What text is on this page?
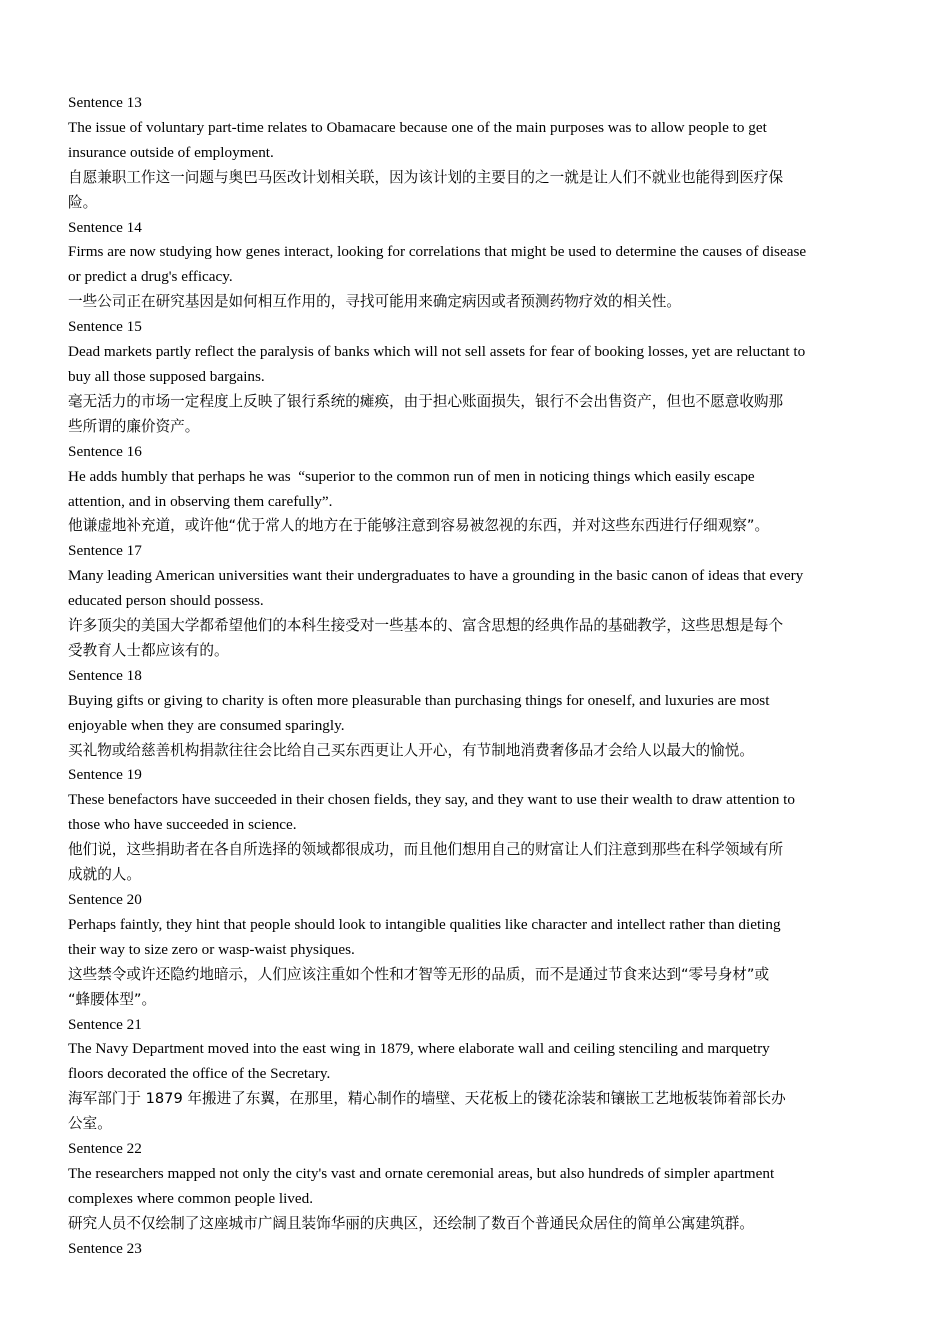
Sentence 13
The issue of voluntary part-time relates to Obamacare because one of the main purposes was to allow people to get
insurance outside of employment.
自愿兼职工作这一问题与奥巴马医改计划相关联，因为该计划的主要目的之一就是让人们不就业也能得到医疗保
险。
Sentence 14
Firms are now studying how genes interact, looking for correlations that might be used to determine the causes of disease
or predict a drug's efficacy.
一些公司正在研究基因是如何相互作用的，寻找可能用来确定病因或者预测药物疗效的相关性。
Sentence 15
Dead markets partly reflect the paralysis of banks which will not sell assets for fear of booking losses, yet are reluctant to
buy all those supposed bargains.
毫无活力的市场一定程度上反映了银行系统的瘫痪，由于担心账面损失，银行不会出售资产，但也不愿意收购那
些所谓的廉价资产。
Sentence 16
He adds humbly that perhaps he was  “superior to the common run of men in noticing things which easily escape
attention, and in observing them carefully”.
他谦虚地补充道，或许他“优于常人的地方在于能够注意到容易被忽视的东西，并对这些东西进行仔细观察”。
Sentence 17
Many leading American universities want their undergraduates to have a grounding in the basic canon of ideas that every
educated person should possess.
许多顶尖的美国大学都希望他们的本科生接受对一些基本的、富含思想的经典作品的基础教学，这些思想是每个
受教育人士都应该有的。
Sentence 18
Buying gifts or giving to charity is often more pleasurable than purchasing things for oneself, and luxuries are most
enjoyable when they are consumed sparingly.
买礼物或给慈善机构捐款往往会比给自己买东西更让人开心，有节制地消费奢侈品才会给人以最大的愉悦。
Sentence 19
These benefactors have succeeded in their chosen fields, they say, and they want to use their wealth to draw attention to
those who have succeeded in science.
他们说，这些捐助者在各自所选择的领域都很成功，而且他们想用自己的财富让人们注意到那些在科学领域有所
成就的人。
Sentence 20
Perhaps faintly, they hint that people should look to intangible qualities like character and intellect rather than dieting
their way to size zero or wasp-waist physiques.
这些禁令或许还隐约地暗示，人们应该注重如个性和才智等无形的品质，而不是通过节食来达到“零号身材”或
“蜂腰体型”。
Sentence 21
The Navy Department moved into the east wing in 1879, where elaborate wall and ceiling stenciling and marquetry
floors decorated the office of the Secretary.
海军部门于 1879 年搬进了东翼，在那里，精心制作的墙壁、天花板上的镂花涂装和镶嵌工艺地板装饰着部长办
公室。
Sentence 22
The researchers mapped not only the city's vast and ornate ceremonial areas, but also hundreds of simpler apartment
complexes where common people lived.
研究人员不仅绘制了这座城市广阔且装饰华丽的庆典区，还绘制了数百个普通民众居住的简单公寓建筑群。
Sentence 23
